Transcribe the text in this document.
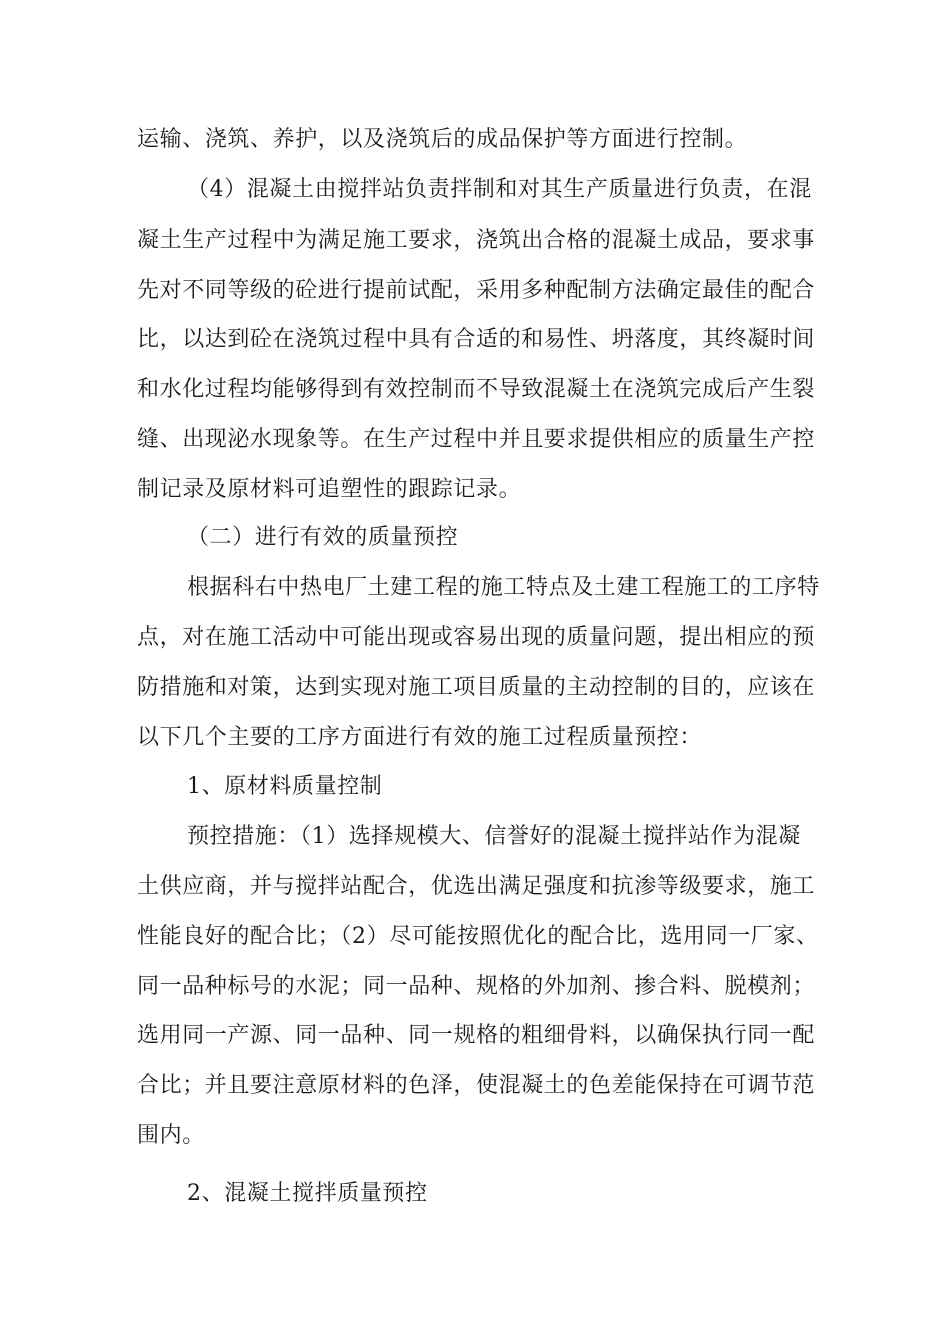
运输、浇筑、养护，以及浇筑后的成品保护等方面进行控制。
（4）混凝土由搅拌站负责拌制和对其生产质量进行负责，在混
凝土生产过程中为满足施工要求，浇筑出合格的混凝土成品，要求事
先对不同等级的砼进行提前试配，采用多种配制方法确定最佳的配合
比，以达到砼在浇筑过程中具有合适的和易性、坍落度，其终凝时间
和水化过程均能够得到有效控制而不导致混凝土在浇筑完成后产生裂
缝、出现泌水现象等。在生产过程中并且要求提供相应的质量生产控
制记录及原材料可追塑性的跟踪记录。
（二）进行有效的质量预控
根据科右中热电厂土建工程的施工特点及土建工程施工的工序特
点，对在施工活动中可能出现或容易出现的质量问题，提出相应的预
防措施和对策，达到实现对施工项目质量的主动控制的目的，应该在
以下几个主要的工序方面进行有效的施工过程质量预控：
1、原材料质量控制
预控措施：（1）选择规模大、信誉好的混凝土搅拌站作为混凝
土供应商，并与搅拌站配合，优选出满足强度和抗渗等级要求，施工
性能良好的配合比；（2）尽可能按照优化的配合比，选用同一厂家、
同一品种标号的水泥；同一品种、规格的外加剂、掺合料、脱模剂；
选用同一产源、同一品种、同一规格的粗细骨料，以确保执行同一配
合比；并且要注意原材料的色泽，使混凝土的色差能保持在可调节范
围内。
2、混凝土搅拌质量预控
